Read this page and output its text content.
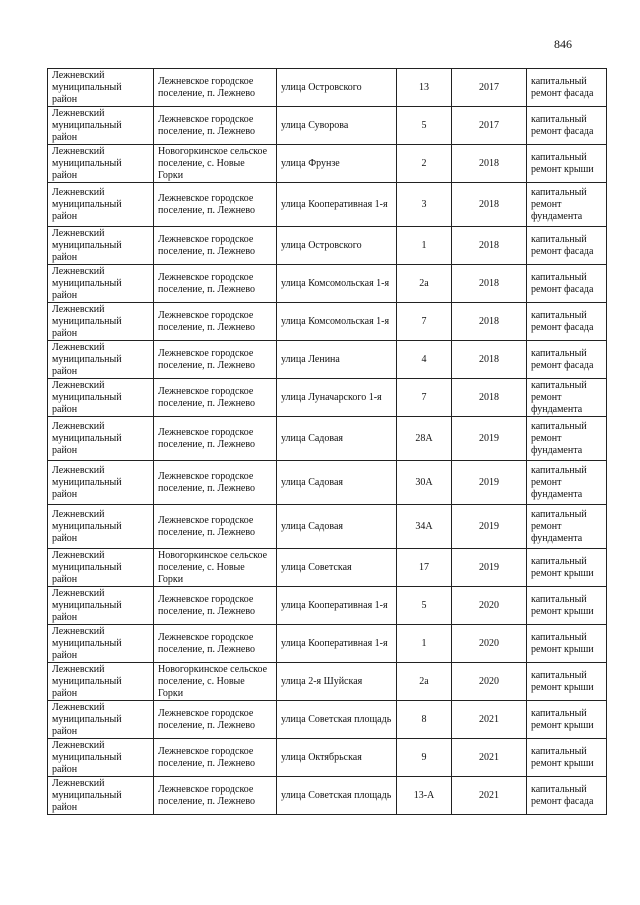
846
Лежневский муниципальный район	Лежневское городское поселение, п. Лежнево	улица Островского	13	2017	капитальный ремонт фасада
Лежневский муниципальный район	Лежневское городское поселение, п. Лежнево	улица Суворова	5	2017	капитальный ремонт фасада
Лежневский муниципальный район	Новогоркинское сельское поселение, с. Новые Горки	улица Фрунзе	2	2018	капитальный ремонт крыши
Лежневский муниципальный район	Лежневское городское поселение, п. Лежнево	улица Кооперативная 1-я	3	2018	капитальный ремонт фундамента
Лежневский муниципальный район	Лежневское городское поселение, п. Лежнево	улица Островского	1	2018	капитальный ремонт фасада
Лежневский муниципальный район	Лежневское городское поселение, п. Лежнево	улица Комсомольская 1-я	2а	2018	капитальный ремонт фасада
Лежневский муниципальный район	Лежневское городское поселение, п. Лежнево	улица Комсомольская 1-я	7	2018	капитальный ремонт фасада
Лежневский муниципальный район	Лежневское городское поселение, п. Лежнево	улица Ленина	4	2018	капитальный ремонт фасада
Лежневский муниципальный район	Лежневское городское поселение, п. Лежнево	улица Луначарского 1-я	7	2018	капитальный ремонт фундамента
Лежневский муниципальный район	Лежневское городское поселение, п. Лежнево	улица Садовая	28А	2019	капитальный ремонт фундамента
Лежневский муниципальный район	Лежневское городское поселение, п. Лежнево	улица Садовая	30А	2019	капитальный ремонт фундамента
Лежневский муниципальный район	Лежневское городское поселение, п. Лежнево	улица Садовая	34А	2019	капитальный ремонт фундамента
Лежневский муниципальный район	Новогоркинское сельское поселение, с. Новые Горки	улица Советская	17	2019	капитальный ремонт крыши
Лежневский муниципальный район	Лежневское городское поселение, п. Лежнево	улица Кооперативная 1-я	5	2020	капитальный ремонт крыши
Лежневский муниципальный район	Лежневское городское поселение, п. Лежнево	улица Кооперативная 1-я	1	2020	капитальный ремонт крыши
Лежневский муниципальный район	Новогоркинское сельское поселение, с. Новые Горки	улица 2-я Шуйская	2а	2020	капитальный ремонт крыши
Лежневский муниципальный район	Лежневское городское поселение, п. Лежнево	улица Советская площадь	8	2021	капитальный ремонт крыши
Лежневский муниципальный район	Лежневское городское поселение, п. Лежнево	улица Октябрьская	9	2021	капитальный ремонт крыши
Лежневский муниципальный район	Лежневское городское поселение, п. Лежнево	улица Советская площадь	13-А	2021	капитальный ремонт фасада
